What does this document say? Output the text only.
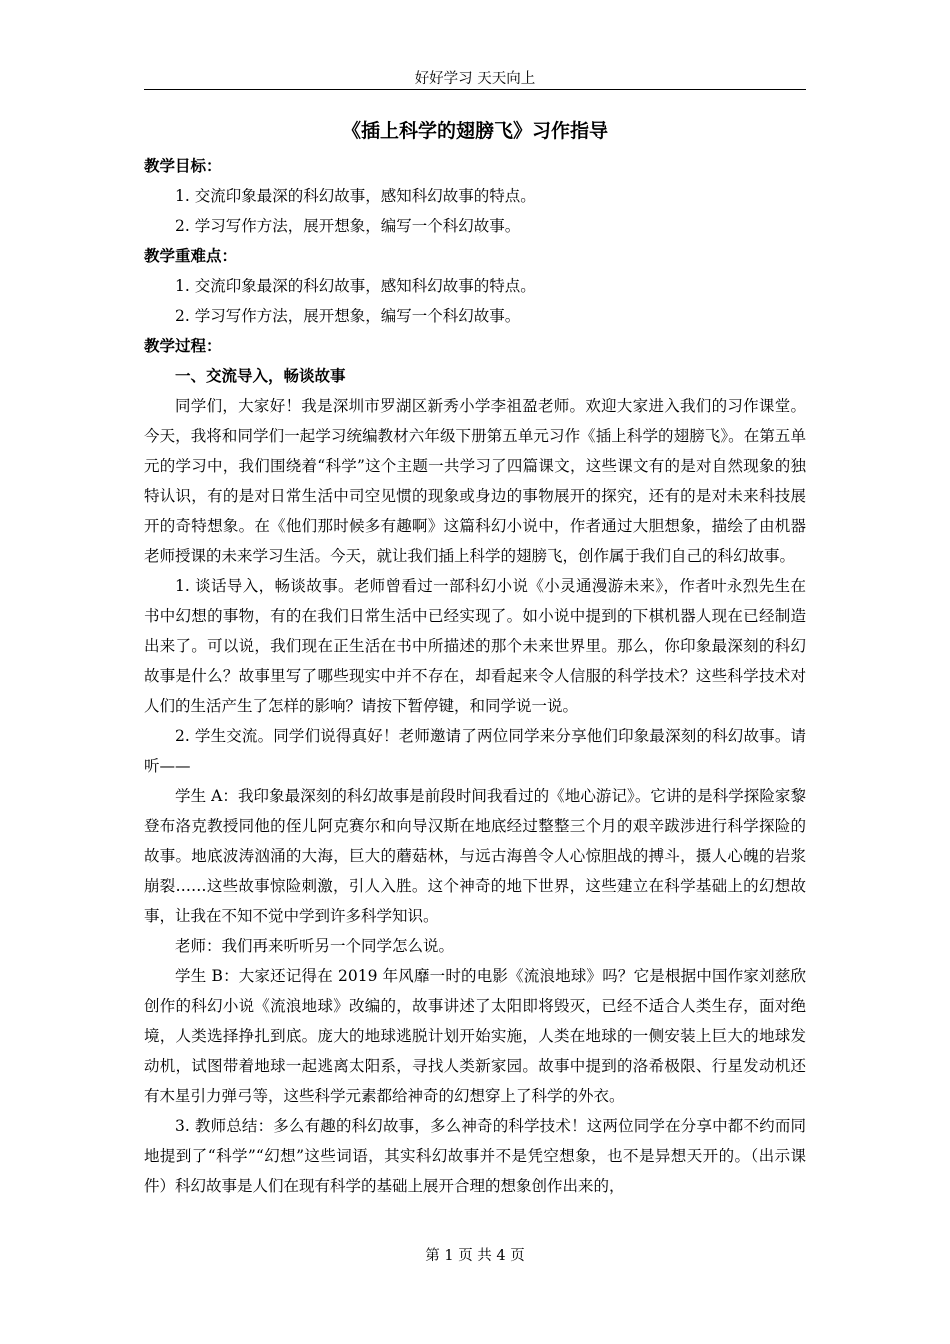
好好学习 天天向上
《插上科学的翅膀飞》习作指导

教学目标：

1. 交流印象最深的科幻故事，感知科幻故事的特点。

2. 学习写作方法，展开想象，编写一个科幻故事。

教学重难点：

1. 交流印象最深的科幻故事，感知科幻故事的特点。

2. 学习写作方法，展开想象，编写一个科幻故事。

教学过程：

一、交流导入，畅谈故事

同学们，大家好！我是深圳市罗湖区新秀小学李祖盈老师。欢迎大家进入我们的习作课堂。今天，我将和同学们一起学习统编教材六年级下册第五单元习作《插上科学的翅膀飞》。在第五单元的学习中，我们围绕着“科学”这个主题一共学习了四篇课文，这些课文有的是对自然现象的独特认识，有的是对日常生活中司空见惯的现象或身边的事物展开的探究，还有的是对未来科技展开的奇特想象。在《他们那时候多有趣啊》这篇科幻小说中，作者通过大胆想象，描绘了由机器老师授课的未来学习生活。今天，就让我们插上科学的翅膀飞，创作属于我们自己的科幻故事。

1. 谈话导入，畅谈故事。老师曾看过一部科幻小说《小灵通漫游未来》，作者叶永烈先生在书中幻想的事物，有的在我们日常生活中已经实现了。如小说中提到的下棋机器人现在已经制造出来了。可以说，我们现在正生活在书中所描述的那个未来世界里。那么，你印象最深刻的科幻故事是什么？故事里写了哪些现实中并不存在，却看起来令人信服的科学技术？这些科学技术对人们的生活产生了怎样的影响？请按下暂停键，和同学说一说。

2. 学生交流。同学们说得真好！老师邀请了两位同学来分享他们印象最深刻的科幻故事。请听——

学生 A：我印象最深刻的科幻故事是前段时间我看过的《地心游记》。它讲的是科学探险家黎登布洛克教授同他的侄儿阿克赛尔和向导汉斯在地底经过整整三个月的艰辛跋涉进行科学探险的故事。地底波涛汹涌的大海，巨大的蘑菇林，与远古海兽令人心惊胆战的搏斗，摄人心魄的岩浆崩裂……这些故事惊险刺激，引人入胜。这个神奇的地下世界，这些建立在科学基础上的幻想故事，让我在不知不觉中学到许多科学知识。

老师：我们再来听听另一个同学怎么说。

学生 B：大家还记得在 2019 年风靡一时的电影《流浪地球》吗？它是根据中国作家刘慈欣创作的科幻小说《流浪地球》改编的，故事讲述了太阳即将毁灭，已经不适合人类生存，面对绝境，人类选择挣扎到底。庞大的地球逃脱计划开始实施，人类在地球的一侧安装上巨大的地球发动机，试图带着地球一起逃离太阳系，寻找人类新家园。故事中提到的洛希极限、行星发动机还有木星引力弹弓等，这些科学元素都给神奇的幻想穿上了科学的外衣。

3. 教师总结：多么有趣的科幻故事，多么神奇的科学技术！这两位同学在分享中都不约而同地提到了“科学”“幻想”这些词语，其实科幻故事并不是凭空想象，也不是异想天开的。（出示课件）科幻故事是人们在现有科学的基础上展开合理的想象创作出来的，

第 1 页 共 4 页
